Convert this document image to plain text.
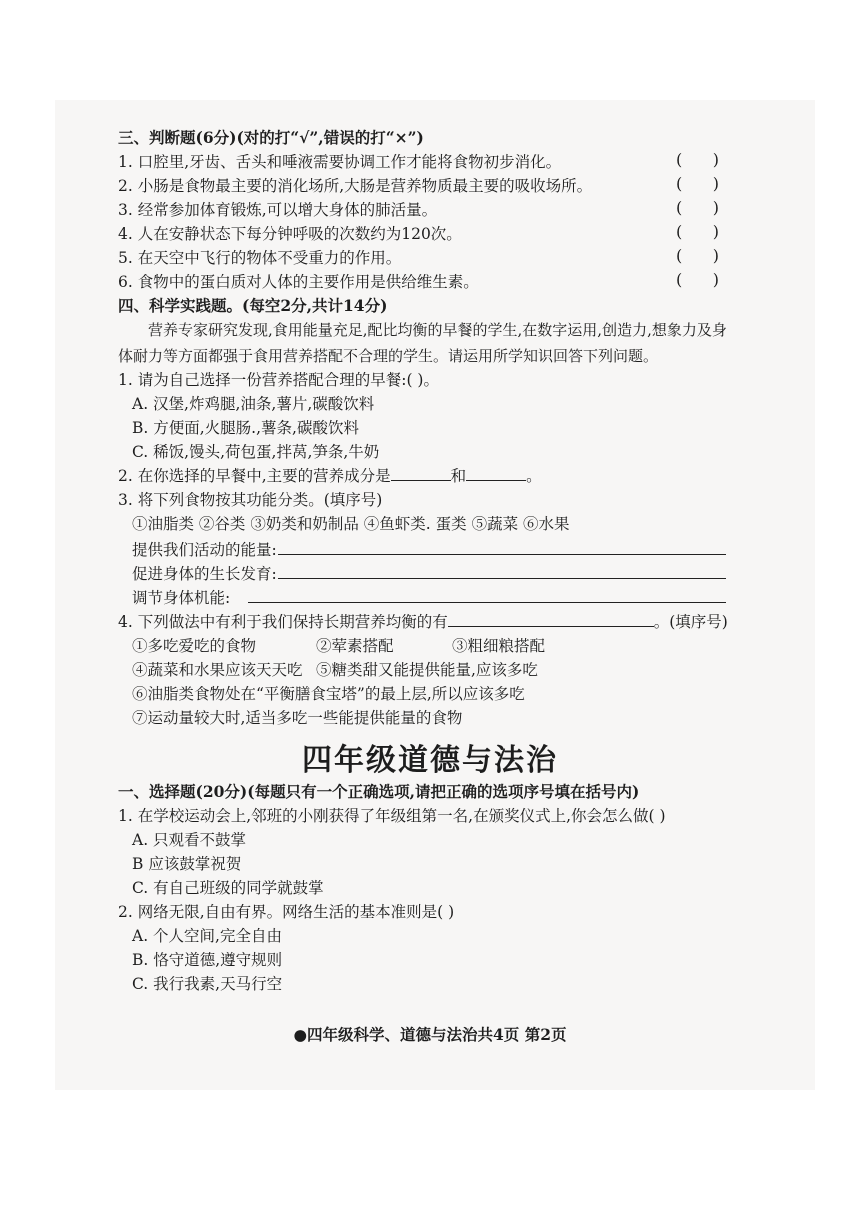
三、判断题(6分)(对的打“√”,错误的打“×”)
1. 口腔里,牙齿、舌头和唾液需要协调工作才能将食物初步消化。	(      )
2. 小肠是食物最主要的消化场所,大肠是营养物质最主要的吸收场所。	(      )
3. 经常参加体育锻炼,可以增大身体的肺活量。	(      )
4. 人在安静状态下每分钟呼吸的次数约为120次。	(      )
5. 在天空中飞行的物体不受重力的作用。	(      )
6. 食物中的蛋白质对人体的主要作用是供给维生素。	(      )
四、科学实践题。(每空2分,共计14分)
营养专家研究发现,食用能量充足,配比均衡的早餐的学生,在数字运用,创造力,想象力及身体耐力等方面都强于食用营养搭配不合理的学生。请运用所学知识回答下列问题。
1. 请为自己选择一份营养搭配合理的早餐:( )。
A. 汉堡,炸鸡腿,油条,薯片,碳酸饮料
B. 方便面,火腿肠.,薯条,碳酸饮料
C. 稀饭,馒头,荷包蛋,拌莴,笋条,牛奶
2. 在你选择的早餐中,主要的营养成分是	和	。
3. 将下列食物按其功能分类。(填序号)
①油脂类 ②谷类 ③奶类和奶制品 ④鱼虾类. 蛋类 ⑤蔬菜 ⑥水果
提供我们活动的能量:
促进身体的生长发育:
调节身体机能:
4. 下列做法中有利于我们保持长期营养均衡的有	。(填序号)
①多吃爱吃的食物	②荤素搭配	③粗细粮搭配
④蔬菜和水果应该天天吃 ⑤糖类甜又能提供能量,应该多吃
⑥油脂类食物处在“平衡膳食宝塔”的最上层,所以应该多吃
⑦运动量较大时,适当多吃一些能提供能量的食物
四年级道德与法治
一、选择题(20分)(每题只有一个正确选项,请把正确的选项序号填在括号内)
1. 在学校运动会上,邻班的小刚获得了年级组第一名,在颁奖仪式上,你会怎么做( )
A. 只观看不鼓掌
B 应该鼓掌祝贺
C. 有自己班级的同学就鼓掌
2. 网络无限,自由有界。网络生活的基本准则是( )
A. 个人空间,完全自由
B. 恪守道德,遵守规则
C. 我行我素,天马行空
●四年级科学、道德与法治共4页 第2页
